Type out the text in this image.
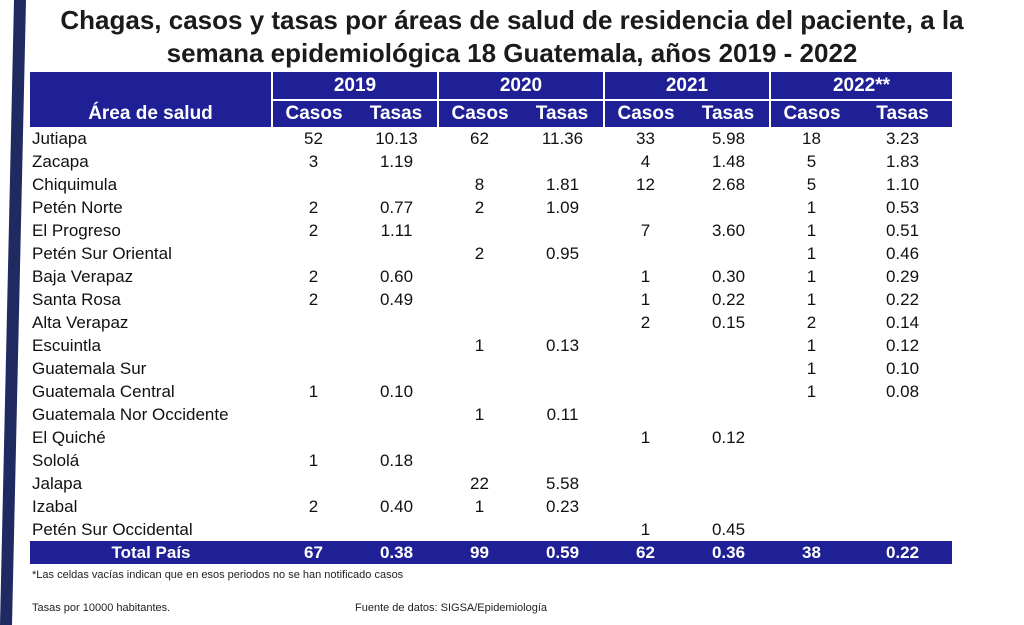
Chagas, casos y tasas por áreas de salud de residencia del paciente, a la
semana epidemiológica 18 Guatemala, años 2019 - 2022
	2019		2020		2021		2022**	
Área de salud	Casos	Tasas	Casos	Tasas	Casos	Tasas	Casos	Tasas
Jutiapa	52	10.13	62	11.36	33	5.98	18	3.23
Zacapa	3	1.19			4	1.48	5	1.83
Chiquimula			8	1.81	12	2.68	5	1.10
Petén Norte	2	0.77	2	1.09			1	0.53
El Progreso	2	1.11			7	3.60	1	0.51
Petén Sur Oriental			2	0.95			1	0.46
Baja Verapaz	2	0.60			1	0.30	1	0.29
Santa Rosa	2	0.49			1	0.22	1	0.22
Alta Verapaz					2	0.15	2	0.14
Escuintla			1	0.13			1	0.12
Guatemala Sur							1	0.10
Guatemala Central	1	0.10					1	0.08
Guatemala Nor Occidente			1	0.11				
El Quiché					1	0.12		
Sololá	1	0.18						
Jalapa			22	5.58				
Izabal	2	0.40	1	0.23				
Petén Sur Occidental					1	0.45		
Total País	67	0.38	99	0.59	62	0.36	38	0.22
*Las celdas vacías indican que en esos periodos no se han notificado casos
Tasas por 10000 habitantes.	Fuente de datos: SIGSA/Epidemiología
